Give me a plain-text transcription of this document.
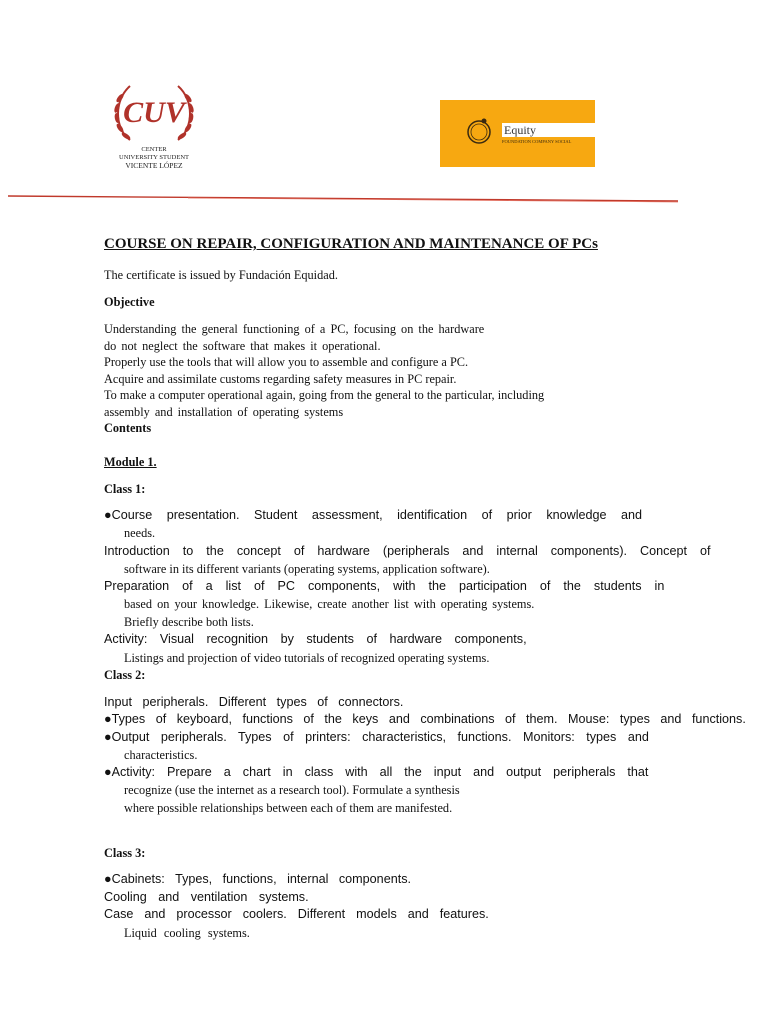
CUV
CENTER
UNIVERSITY STUDENT
VICENTE LÓPEZ
Equity
FOUNDATION COMPANY SOCIAL
COURSE ON REPAIR, CONFIGURATION AND MAINTENANCE OF PCs
The certificate is issued by Fundación Equidad.
Objective
Understanding the general functioning of a PC, focusing on the hardware
do not neglect the software that makes it operational.
Properly use the tools that will allow you to assemble and configure a PC.
Acquire and assimilate customs regarding safety measures in PC repair.
To make a computer operational again, going from the general to the particular, including
assembly and installation of operating systems
Contents
Module 1.
Class 1:
●Course presentation. Student assessment, identification of prior knowledge and
needs.
Introduction to the concept of hardware (peripherals and internal components). Concept of
software in its different variants (operating systems, application software).
Preparation of a list of PC components, with the participation of the students in
based on your knowledge. Likewise, create another list with operating systems.
Briefly describe both lists.
Activity: Visual recognition by students of hardware components,
Listings and projection of video tutorials of recognized operating systems.
Class 2:
Input peripherals. Different types of connectors.
●Types of keyboard, functions of the keys and combinations of them. Mouse: types and functions.
●Output peripherals. Types of printers: characteristics, functions. Monitors: types and
characteristics.
●Activity: Prepare a chart in class with all the input and output peripherals that
recognize (use the internet as a research tool). Formulate a synthesis
where possible relationships between each of them are manifested.
Class 3:
●Cabinets: Types, functions, internal components.
Cooling and ventilation systems.
Case and processor coolers. Different models and features.
Liquid cooling systems.
